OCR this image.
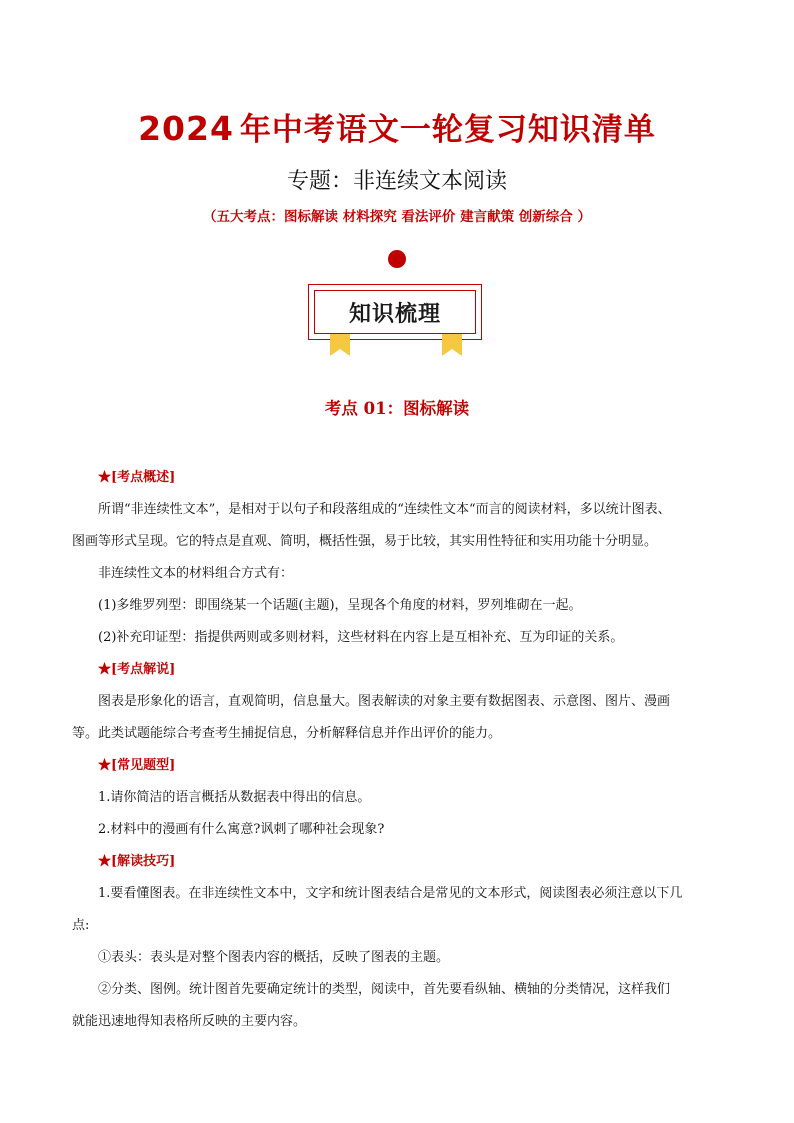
2024 年中考语文一轮复习知识清单
专题：非连续文本阅读
（五大考点：图标解读 材料探究 看法评价 建言献策 创新综合 ）
知识梳理
考点 01：图标解读

★[考点概述]

所谓“非连续性文本”，是相对于以句子和段落组成的“连续性文本“而言的阅读材料，多以统计图表、

图画等形式呈现。它的特点是直观、简明，概括性强，易于比较，其实用性特征和实用功能十分明显。

非连续性文本的材料组合方式有：

(1)多维罗列型：即围绕某一个话题(主题)，呈现各个角度的材料，罗列堆砌在一起。

(2)补充印证型：指提供两则或多则材料，这些材料在内容上是互相补充、互为印证的关系。

★[考点解说]

图表是形象化的语言，直观简明，信息量大。图表解读的对象主要有数据图表、示意图、图片、漫画

等。此类试题能综合考查考生捕捉信息，分析解释信息并作出评价的能力。

★[常见题型]

1.请你简洁的语言概括从数据表中得出的信息。

2.材料中的漫画有什么寓意?讽刺了哪种社会现象?

★[解读技巧]

1.要看懂图表。在非连续性文本中，文字和统计图表结合是常见的文本形式，阅读图表必须注意以下几

点:

①表头：表头是对整个图表内容的概括，反映了图表的主题。

②分类、图例。统计图首先要确定统计的类型，阅读中，首先要看纵轴、横轴的分类情况，这样我们

就能迅速地得知表格所反映的主要内容。
